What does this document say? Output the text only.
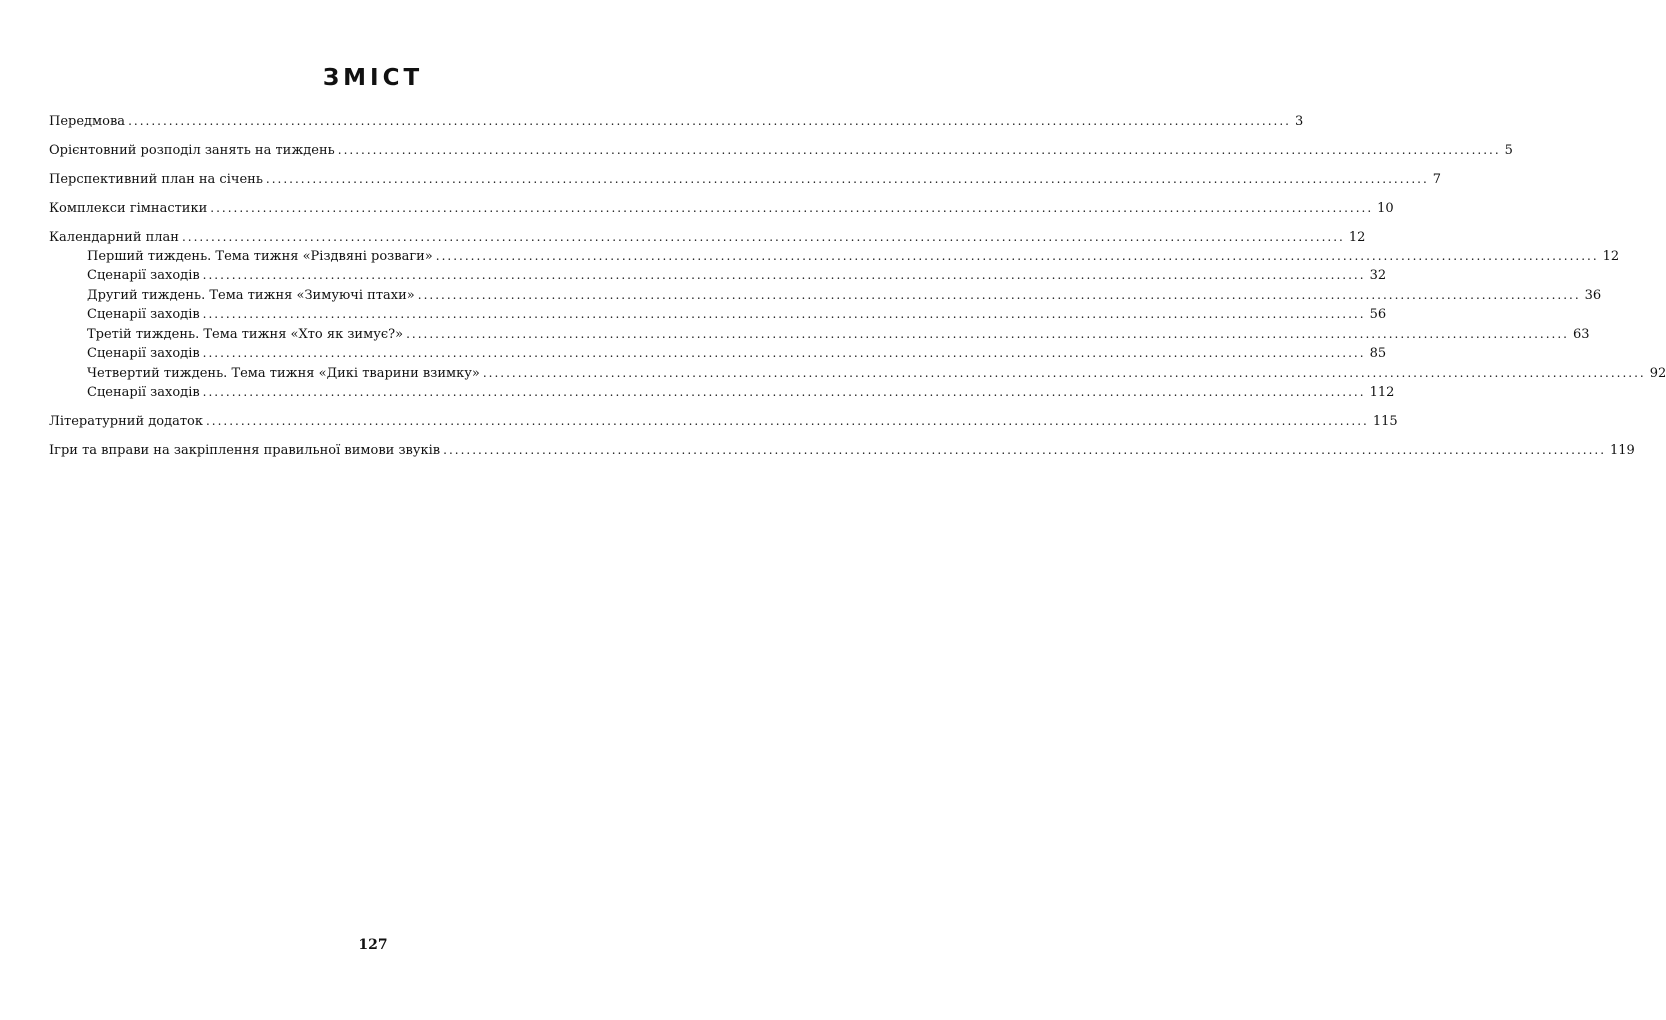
ЗМІСТ
Передмова ........................................................................................................................................................................................................ 3
Орієнтовний розподіл занять на тиждень ........................................................................................................................................................................................................ 5
Перспективний план на січень ........................................................................................................................................................................................................ 7
Комплекси гімнастики ........................................................................................................................................................................................................ 10
Календарний план ........................................................................................................................................................................................................ 12
Перший тиждень. Тема тижня «Різдвяні розваги» ........................................................................................................................................................................................................ 12
Сценарії заходів ........................................................................................................................................................................................................ 32
Другий тиждень. Тема тижня «Зимуючі птахи» ........................................................................................................................................................................................................ 36
Сценарії заходів ........................................................................................................................................................................................................ 56
Третій тиждень. Тема тижня «Хто як зимує?» ........................................................................................................................................................................................................ 63
Сценарії заходів ........................................................................................................................................................................................................ 85
Четвертий тиждень. Тема тижня «Дикі тварини взимку» ........................................................................................................................................................................................................ 92
Сценарії заходів ........................................................................................................................................................................................................ 112
Літературний додаток ........................................................................................................................................................................................................ 115
Ігри та вправи на закріплення правильної вимови звуків ........................................................................................................................................................................................................ 119
127
